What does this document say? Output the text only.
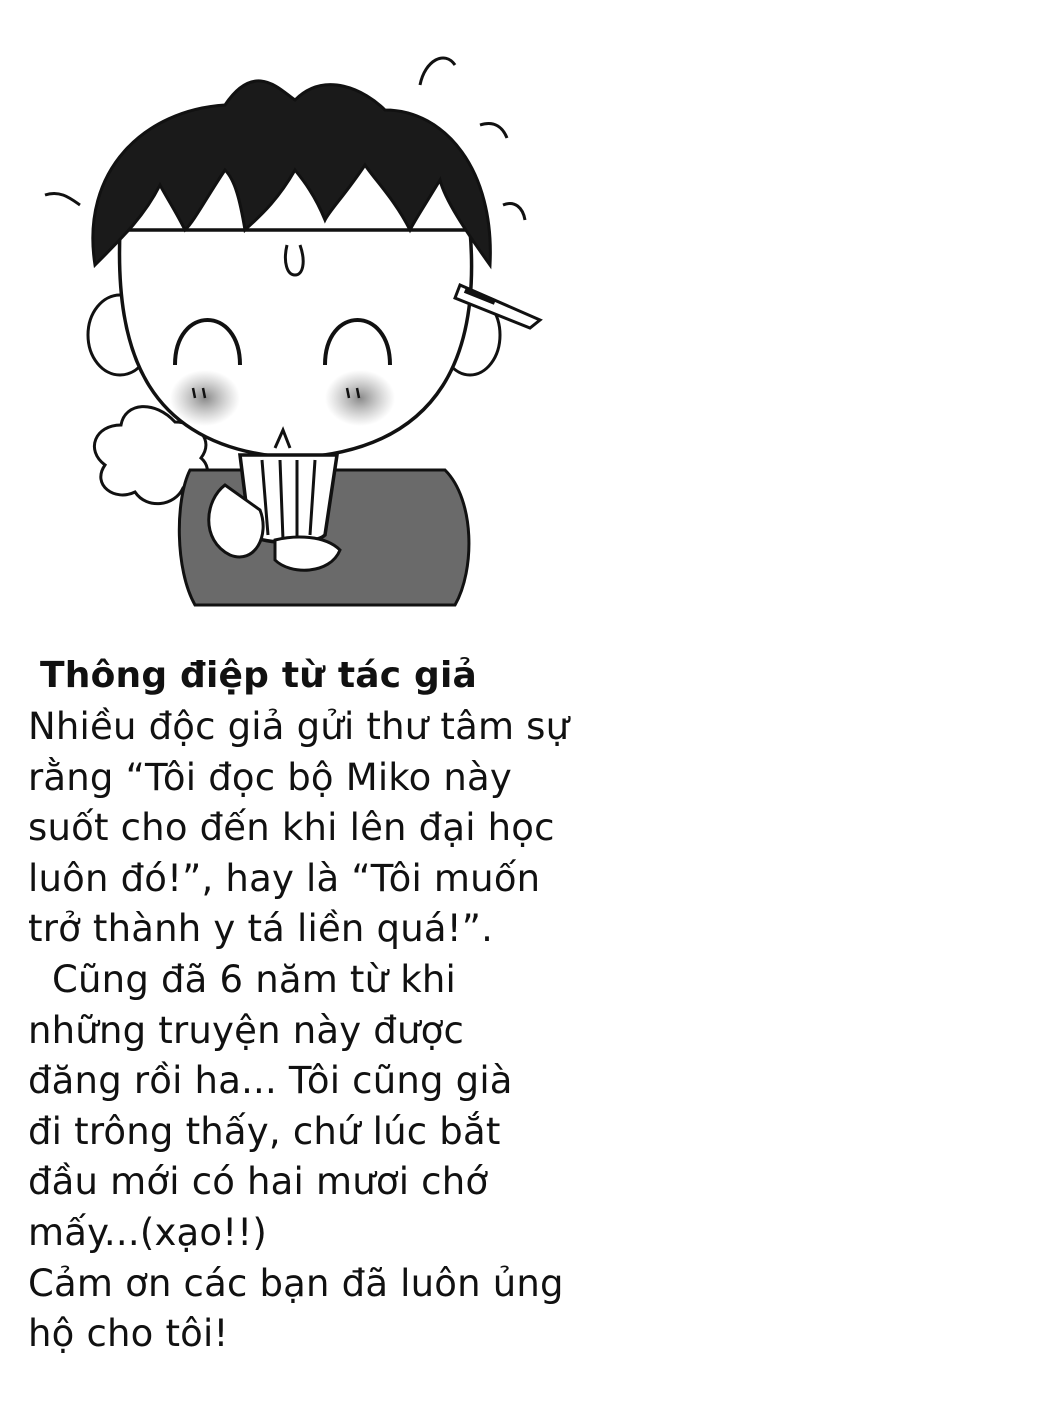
Thông điệp từ tác giả
Nhiều độc giả gửi thư tâm sự
rằng “Tôi đọc bộ Miko này
suốt cho đến khi lên đại học
luôn đó!”, hay là “Tôi muốn
trở thành y tá liền quá!”.
Cũng đã 6 năm từ khi
những truyện này được
đăng rồi ha... Tôi cũng già
đi trông thấy, chứ lúc bắt
đầu mới có hai mươi chớ
mấy...(xạo!!)
Cảm ơn các bạn đã luôn ủng
hộ cho tôi!
